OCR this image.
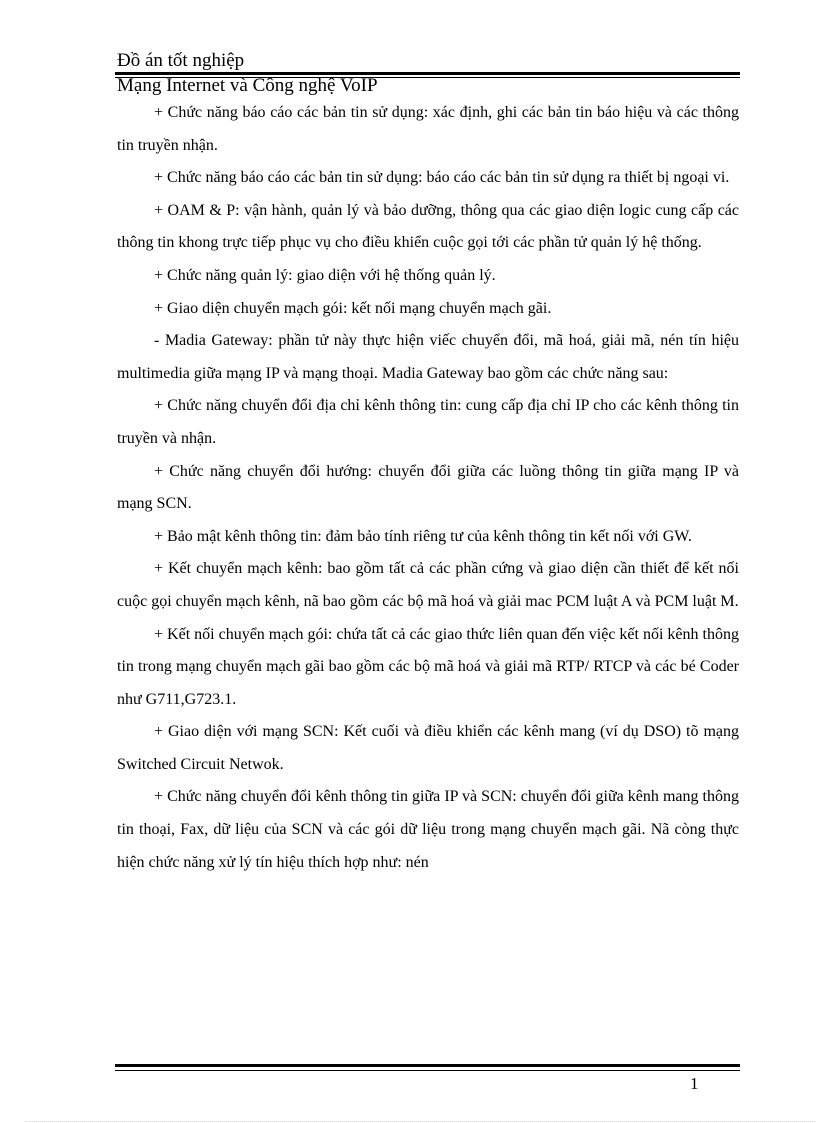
Đồ án tốt nghiệp
Mạng Internet và Công nghệ VoIP

+ Chức năng báo cáo các bản tin sử dụng: xác định, ghi các bản tin báo hiệu và các thông tin truyền nhận.

+ Chức năng báo cáo các bản tin sử dụng: báo cáo các bản tin sử dụng ra thiết bị ngoại vi.

+ OAM & P: vận hành, quản lý và bảo dưỡng, thông qua các giao diện logic cung cấp các thông tin khong trực tiếp phục vụ cho điều khiển cuộc gọi tới các phần tử quản lý hệ thống.

+ Chức năng quản lý: giao diện với hệ thống quản lý.

+ Giao diện chuyển mạch gói: kết nối mạng chuyển mạch gãi.

- Madia Gateway: phần tử này thực hiện viếc chuyển đổi, mã hoá, giải mã, nén tín hiệu multimedia giữa mạng IP và mạng thoại. Madia Gateway bao gồm các chức năng sau:

+ Chức năng chuyển đổi địa chỉ kênh thông tin: cung cấp địa chỉ IP cho các kênh thông tin truyền và nhận.

+ Chức năng chuyển đổi hướng: chuyển đổi giữa các luồng thông tin giữa mạng IP và mạng SCN.

+ Bảo mật kênh thông tin: đảm bảo tính riêng tư của kênh thông tin kết nối với GW.

+ Kết chuyển mạch kênh: bao gồm tất cả các phần cứng và giao diện cần thiết để kết nối cuộc gọi chuyển mạch kênh, nã bao gồm các bộ mã hoá và giải mac PCM luật A và PCM luật M.

+ Kết nối chuyển mạch gói: chứa tất cả các giao thức liên quan đến việc kết nối kênh thông tin trong mạng chuyển mạch gãi bao gồm các bộ mã hoá và giải mã RTP/ RTCP và các bé Coder như G711,G723.1.

+ Giao diện với mạng SCN: Kết cuối và điều khiển các kênh mang (ví dụ DSO) tõ mạng Switched Circuit Netwok.

+ Chức năng chuyển đổi kênh thông tin giữa IP và SCN: chuyển đổi giữa kênh mang thông tin thoại, Fax, dữ liệu của SCN và các gói dữ liệu trong mạng chuyển mạch gãi. Nã còng thực hiện chức năng xử lý tín hiệu thích hợp như: nén

1
